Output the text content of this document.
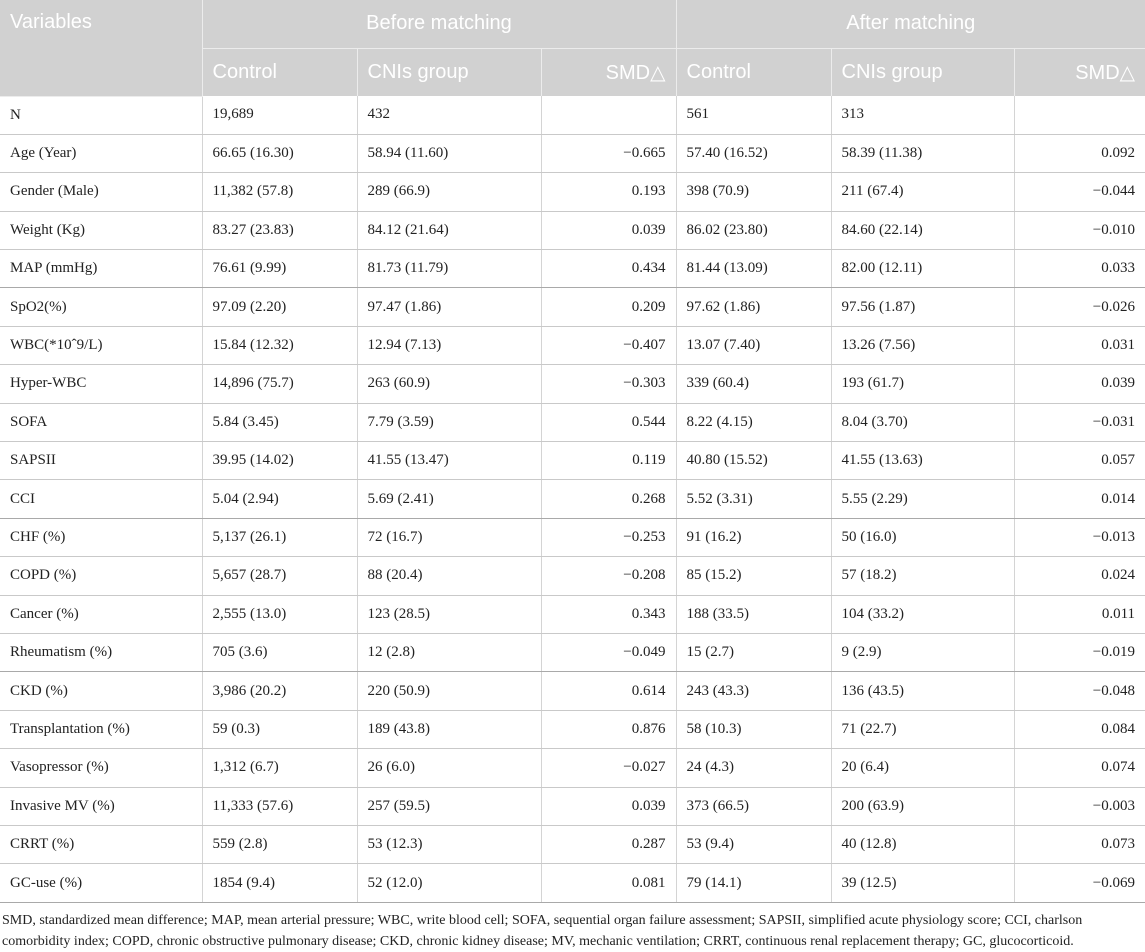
Variables	Before matching			After matching		
	Control	CNIs group	SMD△	Control	CNIs group	SMD△
N	19,689	432		561	313	
Age (Year)	66.65 (16.30)	58.94 (11.60)	−0.665	57.40 (16.52)	58.39 (11.38)	0.092
Gender (Male)	11,382 (57.8)	289 (66.9)	0.193	398 (70.9)	211 (67.4)	−0.044
Weight (Kg)	83.27 (23.83)	84.12 (21.64)	0.039	86.02 (23.80)	84.60 (22.14)	−0.010
MAP (mmHg)	76.61 (9.99)	81.73 (11.79)	0.434	81.44 (13.09)	82.00 (12.11)	0.033
SpO2(%)	97.09 (2.20)	97.47 (1.86)	0.209	97.62 (1.86)	97.56 (1.87)	−0.026
WBC(*10ˆ9/L)	15.84 (12.32)	12.94 (7.13)	−0.407	13.07 (7.40)	13.26 (7.56)	0.031
Hyper-WBC	14,896 (75.7)	263 (60.9)	−0.303	339 (60.4)	193 (61.7)	0.039
SOFA	5.84 (3.45)	7.79 (3.59)	0.544	8.22 (4.15)	8.04 (3.70)	−0.031
SAPSII	39.95 (14.02)	41.55 (13.47)	0.119	40.80 (15.52)	41.55 (13.63)	0.057
CCI	5.04 (2.94)	5.69 (2.41)	0.268	5.52 (3.31)	5.55 (2.29)	0.014
CHF (%)	5,137 (26.1)	72 (16.7)	−0.253	91 (16.2)	50 (16.0)	−0.013
COPD (%)	5,657 (28.7)	88 (20.4)	−0.208	85 (15.2)	57 (18.2)	0.024
Cancer (%)	2,555 (13.0)	123 (28.5)	0.343	188 (33.5)	104 (33.2)	0.011
Rheumatism (%)	705 (3.6)	12 (2.8)	−0.049	15 (2.7)	9 (2.9)	−0.019
CKD (%)	3,986 (20.2)	220 (50.9)	0.614	243 (43.3)	136 (43.5)	−0.048
Transplantation (%)	59 (0.3)	189 (43.8)	0.876	58 (10.3)	71 (22.7)	0.084
Vasopressor (%)	1,312 (6.7)	26 (6.0)	−0.027	24 (4.3)	20 (6.4)	0.074
Invasive MV (%)	11,333 (57.6)	257 (59.5)	0.039	373 (66.5)	200 (63.9)	−0.003
CRRT (%)	559 (2.8)	53 (12.3)	0.287	53 (9.4)	40 (12.8)	0.073
GC-use (%)	1854 (9.4)	52 (12.0)	0.081	79 (14.1)	39 (12.5)	−0.069
SMD, standardized mean difference; MAP, mean arterial pressure; WBC, write blood cell; SOFA, sequential organ failure assessment; SAPSII, simplified acute physiology score; CCI, charlson comorbidity index; COPD, chronic obstructive pulmonary disease; CKD, chronic kidney disease; MV, mechanic ventilation; CRRT, continuous renal replacement therapy; GC, glucocorticoid.
